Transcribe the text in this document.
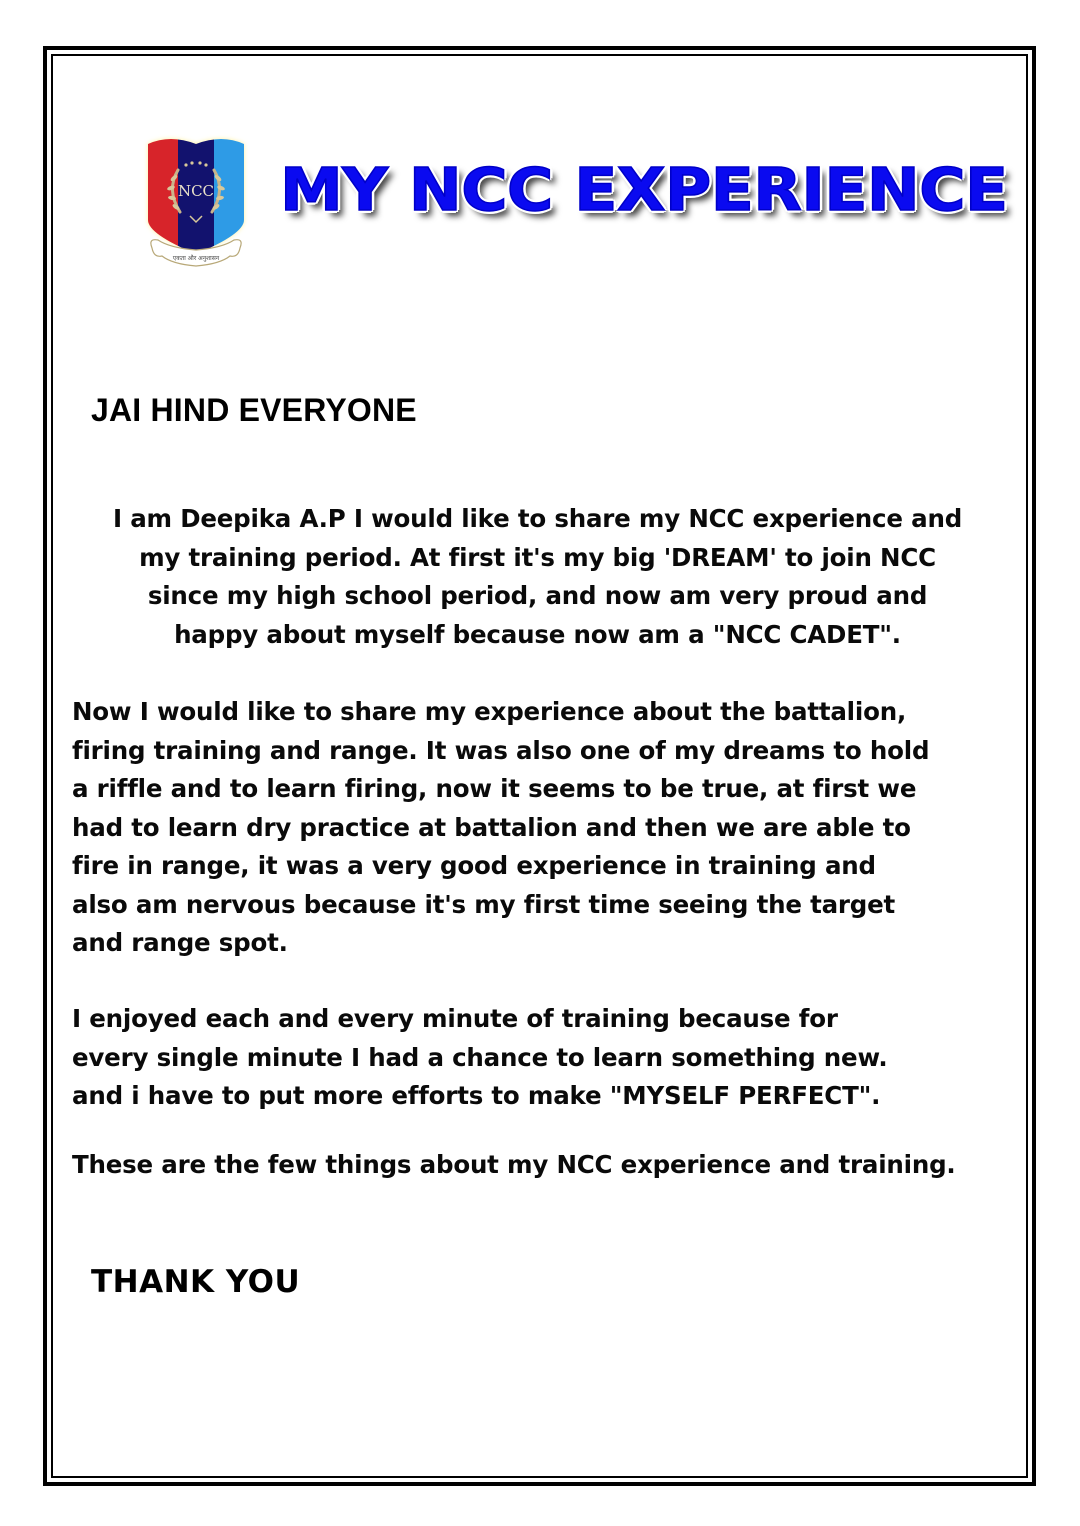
NCC
एकता और अनुशासन
MY NCC EXPERIENCE
JAI HIND EVERYONE

I am Deepika A.P I would like to share my NCC experience and
my training period. At first it's my big 'DREAM' to join NCC
since my high school period, and now am very proud and
happy about myself because now am a "NCC CADET".

Now I would like to share my experience about the battalion,
firing training and range. It was also one of my dreams to hold
a riffle and to learn firing, now it seems to be true, at first we
had to learn dry practice at battalion and then we are able to
fire in range, it was a very good experience in training and
also am nervous because it's my first time seeing the target
and range spot.

I enjoyed each and every minute of training because for
every single minute I had a chance to learn something new.
and i have to put more efforts to make "MYSELF PERFECT".

These are the few things about my NCC experience and training.

THANK YOU
